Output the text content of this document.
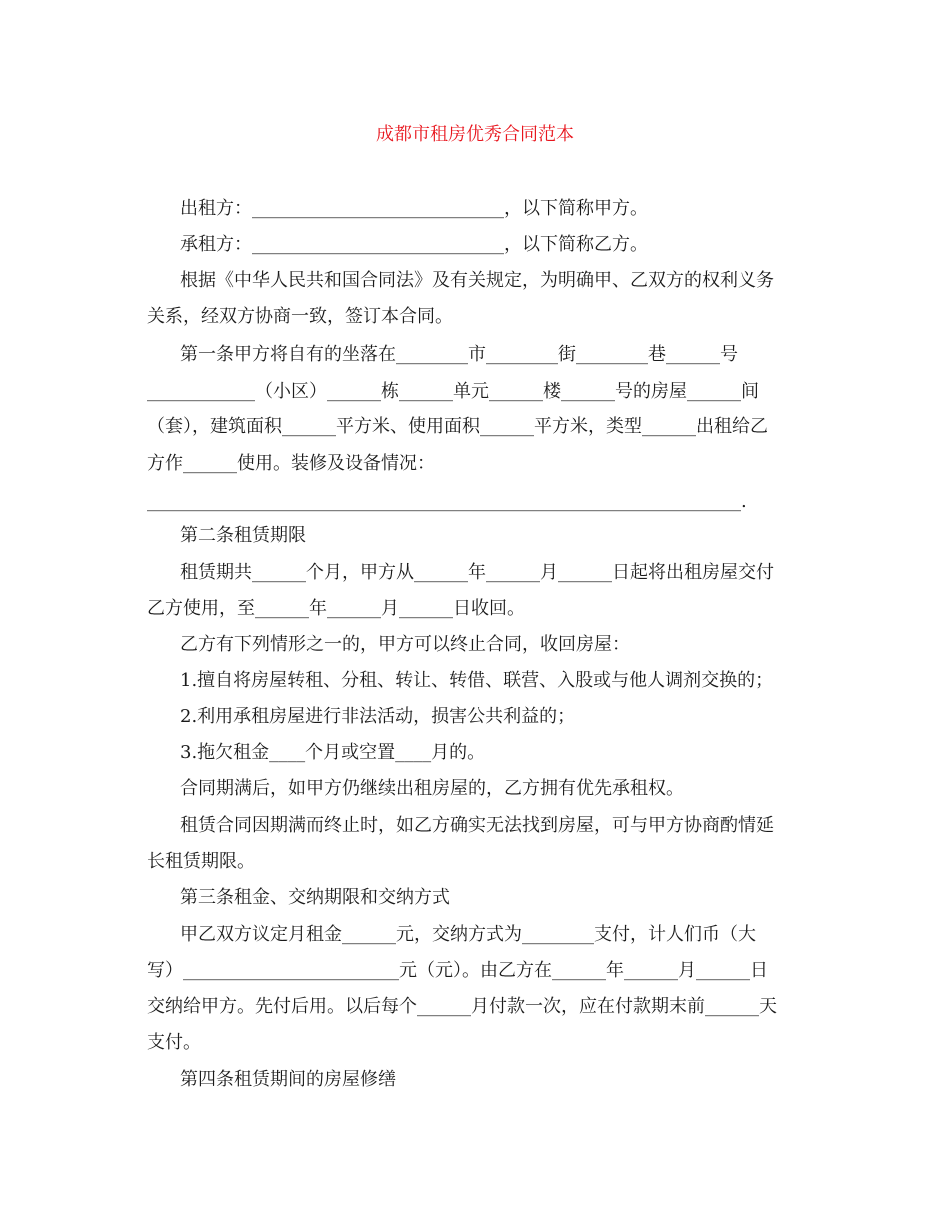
成都市租房优秀合同范本
出租方：____________________________，以下简称甲方。
承租方：____________________________，以下简称乙方。
根据《中华人民共和国合同法》及有关规定，为明确甲、乙双方的权利义务
关系，经双方协商一致，签订本合同。
第一条甲方将自有的坐落在________市________街________巷______号
____________（小区）______栋______单元______楼______号的房屋______间
（套），建筑面积______平方米、使用面积______平方米，类型______出租给乙
方作______使用。装修及设备情况：
__________________________________________________________________.
第二条租赁期限
租赁期共______个月，甲方从______年______月______日起将出租房屋交付
乙方使用，至______年______月______日收回。
乙方有下列情形之一的，甲方可以终止合同，收回房屋：
1.擅自将房屋转租、分租、转让、转借、联营、入股或与他人调剂交换的；
2.利用承租房屋进行非法活动，损害公共利益的；
3.拖欠租金____个月或空置____月的。
合同期满后，如甲方仍继续出租房屋的，乙方拥有优先承租权。
租赁合同因期满而终止时，如乙方确实无法找到房屋，可与甲方协商酌情延
长租赁期限。
第三条租金、交纳期限和交纳方式
甲乙双方议定月租金______元，交纳方式为________支付，计人们币（大
写）________________________元（元）。由乙方在______年______月______日
交纳给甲方。先付后用。以后每个______月付款一次，应在付款期末前______天
支付。
第四条租赁期间的房屋修缮
